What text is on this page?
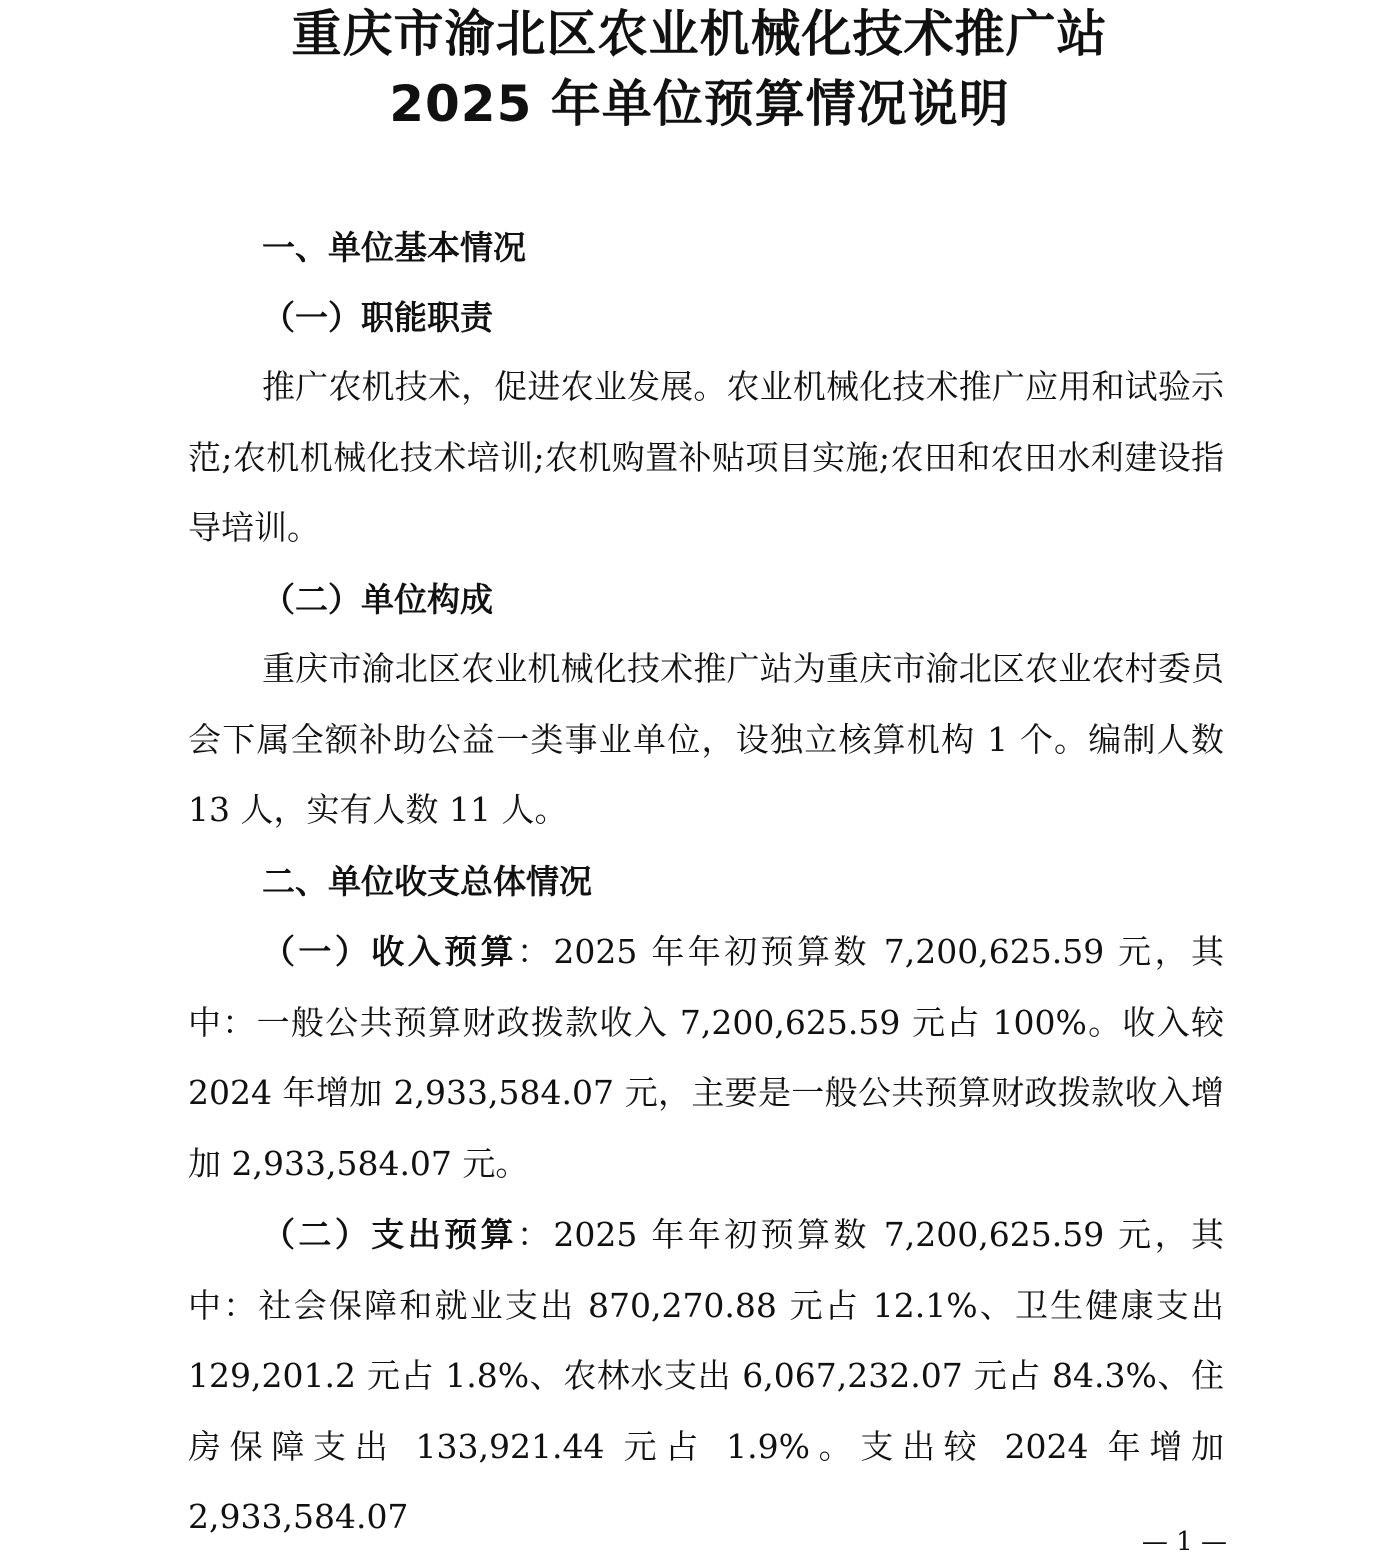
重庆市渝北区农业机械化技术推广站
2025 年单位预算情况说明
一、单位基本情况
（一）职能职责

推广农机技术，促进农业发展。农业机械化技术推广应用和试验示范;农机机械化技术培训;农机购置补贴项目实施;农田和农田水利建设指导培训。

（二）单位构成

重庆市渝北区农业机械化技术推广站为重庆市渝北区农业农村委员会下属全额补助公益一类事业单位，设独立核算机构 1 个。编制人数 13 人，实有人数 11 人。

二、单位收支总体情况

（一）收入预算：2025 年年初预算数 7,200,625.59 元，其中：一般公共预算财政拨款收入 7,200,625.59 元占 100%。收入较 2024 年增加 2,933,584.07 元，主要是一般公共预算财政拨款收入增加 2,933,584.07 元。

（二）支出预算：2025 年年初预算数 7,200,625.59 元，其中：社会保障和就业支出 870,270.88 元占 12.1%、卫生健康支出 129,201.2 元占 1.8%、农林水支出 6,067,232.07 元占 84.3%、住房保障支出 133,921.44 元占 1.9%。支出较 2024 年增加 2,933,584.07

— 1 —
